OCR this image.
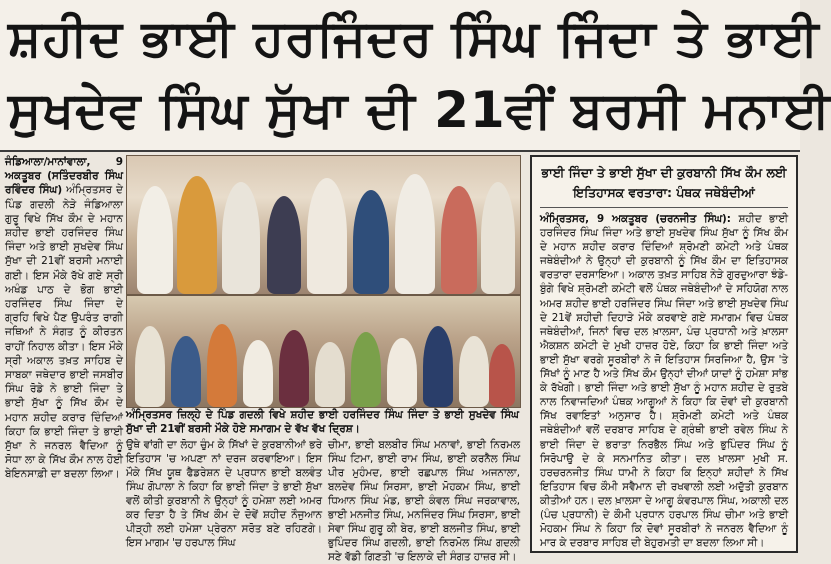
ਸ਼ਹੀਦ ਭਾਈ ਹਰਜਿੰਦਰ ਸਿੰਘ ਜਿੰਦਾ ਤੇ ਭਾਈ
ਸੁਖਦੇਵ ਸਿੰਘ ਸੁੱਖਾ ਦੀ 21ਵੀਂ ਬਰਸੀ ਮਨਾਈ
ਜੰਡਿਆਲਾ/ਮਾਨਾਂਵਾਲਾ, 9 ਅਕਤੂਬਰ (ਸਤਿੰਦਰਬੀਰ ਸਿੰਘ ਰਵਿੰਦਰ ਸਿੰਘ) ਅੰਮ੍ਰਿਤਸਰ ਦੇ ਪਿੰਡ ਗਦਲੀ ਨੇੜੇ ਜੰਡਿਆਲਾ ਗੁਰੂ ਵਿਖੇ ਸਿੱਖ ਕੌਮ ਦੇ ਮਹਾਨ ਸ਼ਹੀਦ ਭਾਈ ਹਰਜਿੰਦਰ ਸਿੰਘ ਜਿੰਦਾ ਅਤੇ ਭਾਈ ਸੁਖਦੇਵ ਸਿੰਘ ਸੁੱਖਾ ਦੀ 21ਵੀਂ ਬਰਸੀ ਮਨਾਈ ਗਈ। ਇਸ ਮੌਕੇ ਰੱਖੇ ਗਏ ਸ੍ਰੀ ਅਖੰਡ ਪਾਠ ਦੇ ਭੋਗ ਭਾਈ ਹਰਜਿੰਦਰ ਸਿੰਘ ਜਿੰਦਾ ਦੇ ਗ੍ਰਹਿ ਵਿਖੇ ਪੈਣ ਉਪਰੰਤ ਰਾਗੀ ਜਥਿਆਂ ਨੇ ਸੰਗਤ ਨੂੰ ਕੀਰਤਨ ਰਾਹੀਂ ਨਿਹਾਲ ਕੀਤਾ। ਇਸ ਮੌਕੇ ਸ੍ਰੀ ਅਕਾਲ ਤਖ਼ਤ ਸਾਹਿਬ ਦੇ ਸਾਬਕਾ ਜਥੇਦਾਰ ਭਾਈ ਜਸਬੀਰ ਸਿੰਘ ਰੋਡੇ ਨੇ ਭਾਈ ਜਿੰਦਾ ਤੇ ਭਾਈ ਸੁੱਖਾ ਨੂੰ ਸਿੱਖ ਕੌਮ ਦੇ ਮਹਾਨ ਸ਼ਹੀਦ ਕਰਾਰ ਦਿੰਦਿਆਂ ਕਿਹਾ ਕਿ ਭਾਈ ਜਿੰਦਾ ਤੇ ਭਾਈ ਸੁੱਖਾ ਨੇ ਜਨਰਲ ਵੈਦਿਆ ਨੂੰ ਸੋਧਾ ਲਾ ਕੇ ਸਿੱਖ ਕੌਮ ਨਾਲ ਹੋਈ ਬੇਇਨਸਾਫ਼ੀ ਦਾ ਬਦਲਾ ਲਿਆ।
ਅੰਮ੍ਰਿਤਸਰ ਜ਼ਿਲ੍ਹੇ ਦੇ ਪਿੰਡ ਗਦਲੀ ਵਿਖੇ ਸ਼ਹੀਦ ਭਾਈ ਹਰਜਿੰਦਰ ਸਿੰਘ ਜਿੰਦਾ ਤੇ ਭਾਈ ਸੁਖਦੇਵ ਸਿੰਘ ਸੁੱਖਾ ਦੀ 21ਵੀਂ ਬਰਸੀ ਮੌਕੇ ਹੋਏ ਸਮਾਗਮ ਦੇ ਵੱਖ ਵੱਖ ਦ੍ਰਿਸ਼।
ਉਥੇ ਵਾਂਗੀ ਦਾ ਲੋਹਾ ਚੁੰਮ ਕੇ ਸਿੱਖਾਂ ਦੇ ਕੁਰਬਾਨੀਆਂ ਭਰੇ ਇਤਿਹਾਸ 'ਚ ਅਪਣਾ ਨਾਂ ਦਰਜ ਕਰਵਾਇਆ। ਇਸ ਮੌਕੇ ਸਿੱਖ ਯੂਥ ਫੈਡਰੇਸ਼ਨ ਦੇ ਪ੍ਰਧਾਨ ਭਾਈ ਬਲਵੰਤ ਸਿੰਘ ਗੋਪਾਲਾ ਨੇ ਕਿਹਾ ਕਿ ਭਾਈ ਜਿੰਦਾ ਤੇ ਭਾਈ ਸੁੱਖਾ ਵਲੋਂ ਕੀਤੀ ਕੁਰਬਾਨੀ ਨੇ ਉਨ੍ਹਾਂ ਨੂੰ ਹਮੇਸ਼ਾ ਲਈ ਅਮਰ ਕਰ ਦਿਤਾ ਹੈ ਤੇ ਸਿੱਖ ਕੌਮ ਦੇ ਦੋਵੇਂ ਸ਼ਹੀਦ ਨੌਜੁਆਨ ਪੀੜ੍ਹੀ ਲਈ ਹਮੇਸ਼ਾ ਪ੍ਰੇਰਨਾ ਸਰੋਤ ਬਣੇ ਰਹਿਣਗੇ। ਇਸ ਮਾਗਮ 'ਚ ਹਰਪਾਲ ਸਿੰਘ
ਚੀਮਾ, ਭਾਈ ਬਲਬੀਰ ਸਿੰਘ ਮਨਾਵਾਂ, ਭਾਈ ਨਿਰਮਲ ਸਿੰਘ ਟਿਮਾ, ਭਾਈ ਰਾਮ ਸਿੰਘ, ਭਾਈ ਕਰਨੈਲ ਸਿੰਘ ਪੀਰ ਮੁਹੰਮਦ, ਭਾਈ ਰਛਪਾਲ ਸਿੰਘ ਅਜਨਾਲਾ, ਬਲਦੇਵ ਸਿੰਘ ਸਿਰਸਾ, ਭਾਈ ਮੋਹਕਮ ਸਿੰਘ, ਭਾਈ ਧਿਆਨ ਸਿੰਘ ਮੰਡ, ਭਾਈ ਕੰਵਲ ਸਿੰਘ ਜਰਕਾਵਾਲ, ਭਾਈ ਮਨਜੀਤ ਸਿੰਘ, ਮਨਜਿੰਦਰ ਸਿੰਘ ਸਿਰਸਾ, ਭਾਈ ਸੇਵਾ ਸਿੰਘ ਗੁਰੂ ਕੀ ਬੇਰ, ਭਾਈ ਬਲਜੀਤ ਸਿੰਘ, ਭਾਈ ਭੁਪਿੰਦਰ ਸਿੰਘ ਗਦਲੀ, ਭਾਈ ਨਿਰਮੋਲ ਸਿੰਘ ਗਦਲੀ ਸਣੇ ਵੱਡੀ ਗਿਣਤੀ 'ਚ ਇਲਾਕੇ ਦੀ ਸੰਗਤ ਹਾਜ਼ਰ ਸੀ।
ਭਾਈ ਜਿੰਦਾ ਤੇ ਭਾਈ ਸੁੱਖਾ ਦੀ ਕੁਰਬਾਨੀ ਸਿੱਖ ਕੌਮ ਲਈ ਇਤਿਹਾਸਕ ਵਰਤਾਰਾ: ਪੰਥਕ ਜਥੇਬੰਦੀਆਂ
ਅੰਮ੍ਰਿਤਸਰ, 9 ਅਕਤੂਬਰ (ਚਰਨਜੀਤ ਸਿੰਘ): ਸ਼ਹੀਦ ਭਾਈ ਹਰਜਿੰਦਰ ਸਿੰਘ ਜਿੰਦਾ ਅਤੇ ਭਾਈ ਸੁਖਦੇਵ ਸਿੰਘ ਸੁੱਖਾ ਨੂੰ ਸਿੱਖ ਕੌਮ ਦੇ ਮਹਾਨ ਸ਼ਹੀਦ ਕਰਾਰ ਦਿੰਦਿਆਂ ਸ਼੍ਰੋਮਣੀ ਕਮੇਟੀ ਅਤੇ ਪੰਥਕ ਜਥੇਬੰਦੀਆਂ ਨੇ ਉਨ੍ਹਾਂ ਦੀ ਕੁਰਬਾਨੀ ਨੂੰ ਸਿੱਖ ਕੌਮ ਦਾ ਇਤਿਹਾਸਕ ਵਰਤਾਰਾ ਦਰਸਾਇਆ। ਅਕਾਲ ਤਖ਼ਤ ਸਾਹਿਬ ਨੇੜੇ ਗੁਰਦੁਆਰਾ ਝੰਡੇ-ਬੁੰਗੇ ਵਿਖੇ ਸ਼੍ਰੋਮਣੀ ਕਮੇਟੀ ਵਲੋਂ ਪੰਥਕ ਜਥੇਬੰਦੀਆਂ ਦੇ ਸਹਿਯੋਗ ਨਾਲ ਅਮਰ ਸ਼ਹੀਦ ਭਾਈ ਹਰਜਿੰਦਰ ਸਿੰਘ ਜਿੰਦਾ ਅਤੇ ਭਾਈ ਸੁਖਦੇਵ ਸਿੰਘ ਦੇ 21ਵੇਂ ਸ਼ਹੀਦੀ ਦਿਹਾੜੇ ਮੌਕੇ ਕਰਵਾਏ ਗਏ ਸਮਾਗਮ ਵਿਚ ਪੰਥਕ ਜਥੇਬੰਦੀਆਂ, ਜਿਨਾਂ ਵਿਚ ਦਲ ਖ਼ਾਲਸਾ, ਪੰਚ ਪ੍ਰਧਾਨੀ ਅਤੇ ਖ਼ਾਲਸਾ ਐਕਸ਼ਨ ਕਮੇਟੀ ਦੇ ਮੁਖੀ ਹਾਜ਼ਰ ਹੋਏ, ਕਿਹਾ ਕਿ ਭਾਈ ਜਿੰਦਾ ਅਤੇ ਭਾਈ ਸੁੱਖਾ ਵਰਗੇ ਸੂਰਬੀਰਾਂ ਨੇ ਜੋ ਇਤਿਹਾਸ ਸਿਰਜਿਆ ਹੈ, ਉਸ 'ਤੇ ਸਿੱਖਾਂ ਨੂੰ ਮਾਣ ਹੈ ਅਤੇ ਸਿੱਖ ਕੌਮ ਉਨ੍ਹਾਂ ਦੀਆਂ ਯਾਦਾਂ ਨੂੰ ਹਮੇਸ਼ਾ ਸਾਂਭ ਕੇ ਰੱਖੇਗੀ। ਭਾਈ ਜਿੰਦਾ ਅਤੇ ਭਾਈ ਸੁੱਖਾ ਨੂੰ ਮਹਾਨ ਸ਼ਹੀਦ ਦੇ ਰੁਤਬੇ ਨਾਲ ਨਿਵਾਜਦਿਆਂ ਪੰਥਕ ਆਗੂਆਂ ਨੇ ਕਿਹਾ ਕਿ ਦੋਵਾਂ ਦੀ ਕੁਰਬਾਨੀ ਸਿੱਖ ਰਵਾਇਤਾਂ ਅਨੁਸਾਰ ਹੈ। ਸ਼੍ਰੋਮਣੀ ਕਮੇਟੀ ਅਤੇ ਪੰਥਕ ਜਥੇਬੰਦੀਆਂ ਵਲੋਂ ਦਰਬਾਰ ਸਾਹਿਬ ਦੇ ਗ੍ਰੰਥੀ ਭਾਈ ਰਵੇਲ ਸਿੰਘ ਨੇ ਭਾਈ ਜਿੰਦਾ ਦੇ ਭਰਾਤਾ ਨਿਰਭੈਲ ਸਿੰਘ ਅਤੇ ਭੁਪਿੰਦਰ ਸਿੰਘ ਨੂੰ ਸਿਰੋਪਾਉ ਦੇ ਕੇ ਸਨਮਾਨਿਤ ਕੀਤਾ। ਦਲ ਖ਼ਾਲਸਾ ਮੁਖੀ ਸ. ਹਰਚਰਨਜੀਤ ਸਿੰਘ ਧਾਮੀ ਨੇ ਕਿਹਾ ਕਿ ਇਨ੍ਹਾਂ ਸ਼ਹੀਦਾਂ ਨੇ ਸਿੱਖ ਇਤਿਹਾਸ ਵਿਚ ਕੌਮੀ ਸਵੈਮਾਨ ਦੀ ਰਖਵਾਲੀ ਲਈ ਅਦੁੱਤੀ ਕੁਰਬਾਨ ਕੀਤੀਆਂ ਹਨ। ਦਲ ਖ਼ਾਲਸਾ ਦੇ ਆਗੂ ਕੰਵਰਪਾਲ ਸਿੰਘ, ਅਕਾਲੀ ਦਲ (ਪੰਚ ਪ੍ਰਧਾਨੀ) ਦੇ ਕੌਮੀ ਪ੍ਰਧਾਨ ਹਰਪਾਲ ਸਿੰਘ ਚੀਮਾ ਅਤੇ ਭਾਈ ਮੋਹਕਮ ਸਿੰਘ ਨੇ ਕਿਹਾ ਕਿ ਦੋਵਾਂ ਸੂਰਬੀਰਾਂ ਨੇ ਜਨਰਲ ਵੈਦਿਆ ਨੂੰ ਮਾਰ ਕੇ ਦਰਬਾਰ ਸਾਹਿਬ ਦੀ ਬੇਹੁਰਮਤੀ ਦਾ ਬਦਲਾ ਲਿਆ ਸੀ।
